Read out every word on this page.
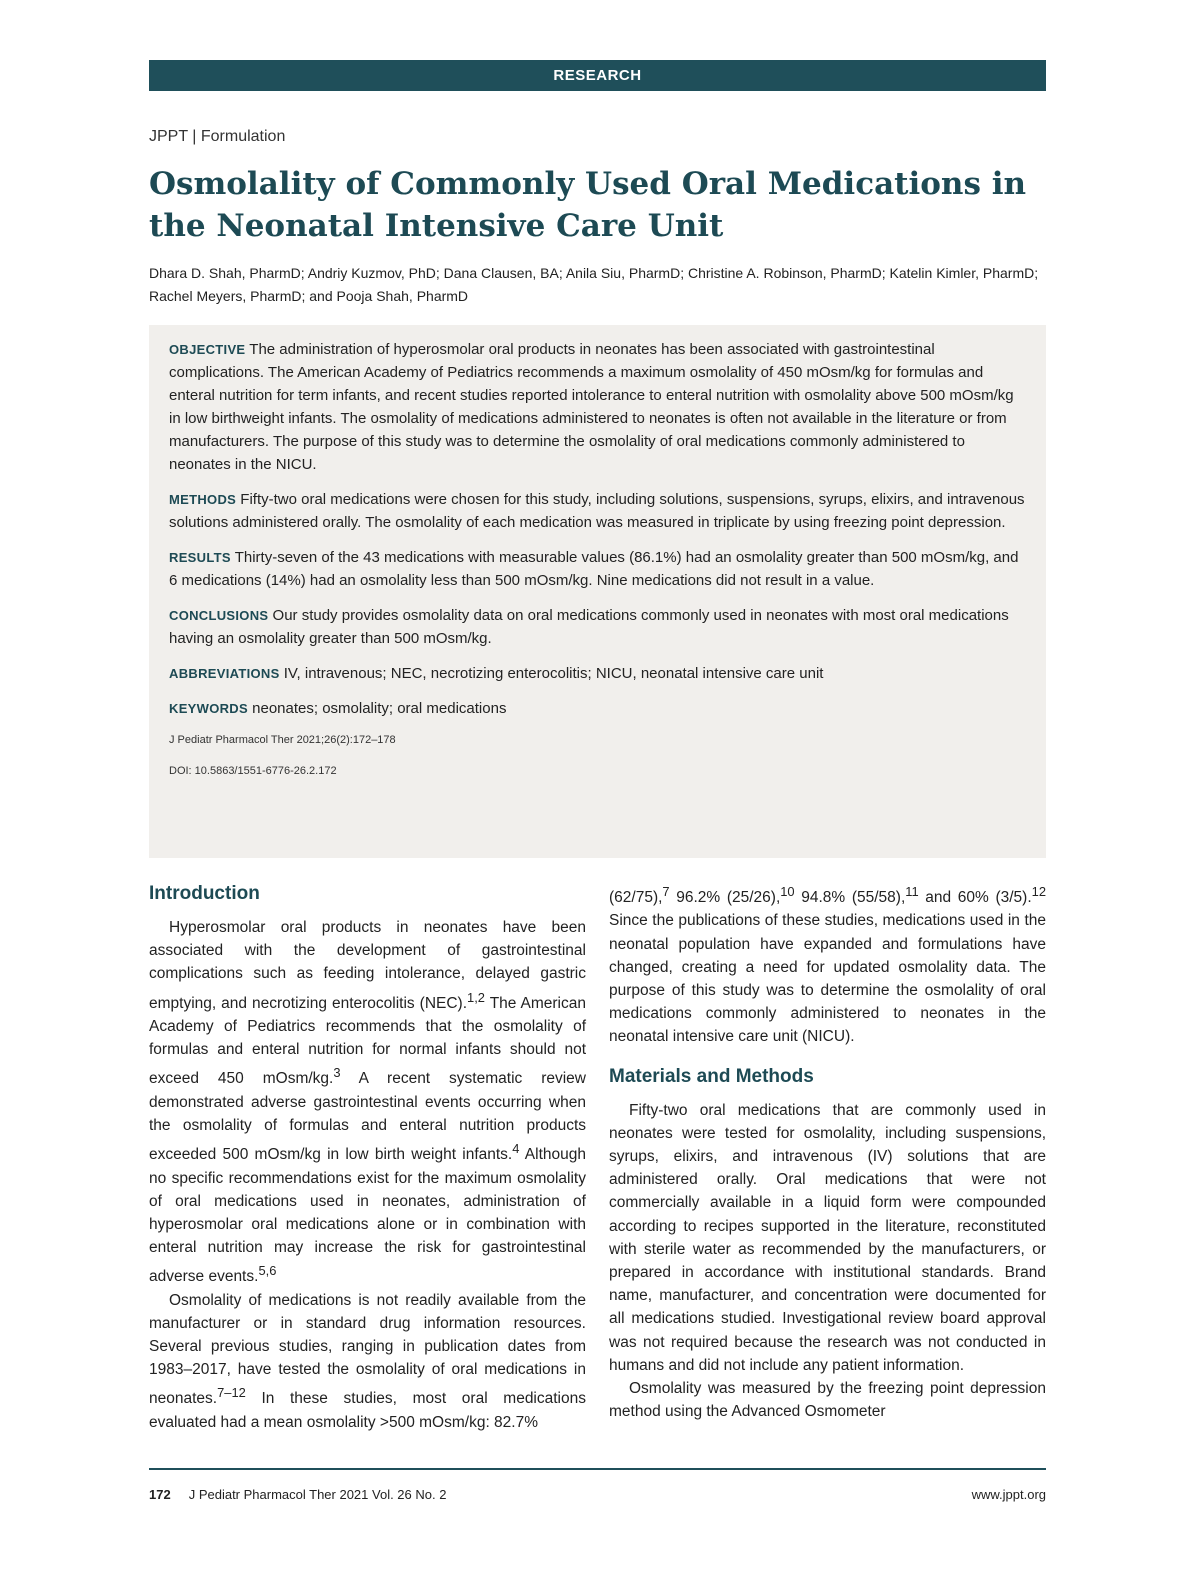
RESEARCH
JPPT | Formulation
Osmolality of Commonly Used Oral Medications in the Neonatal Intensive Care Unit
Dhara D. Shah, PharmD; Andriy Kuzmov, PhD; Dana Clausen, BA; Anila Siu, PharmD; Christine A. Robinson, PharmD; Katelin Kimler, PharmD; Rachel Meyers, PharmD; and Pooja Shah, PharmD

OBJECTIVE The administration of hyperosmolar oral products in neonates has been associated with gastrointestinal complications. The American Academy of Pediatrics recommends a maximum osmolality of 450 mOsm/kg for formulas and enteral nutrition for term infants, and recent studies reported intolerance to enteral nutrition with osmolality above 500 mOsm/kg in low birthweight infants. The osmolality of medications administered to neonates is often not available in the literature or from manufacturers. The purpose of this study was to determine the osmolality of oral medications commonly administered to neonates in the NICU.

METHODS Fifty-two oral medications were chosen for this study, including solutions, suspensions, syrups, elixirs, and intravenous solutions administered orally. The osmolality of each medication was measured in triplicate by using freezing point depression.

RESULTS Thirty-seven of the 43 medications with measurable values (86.1%) had an osmolality greater than 500 mOsm/kg, and 6 medications (14%) had an osmolality less than 500 mOsm/kg. Nine medications did not result in a value.

CONCLUSIONS Our study provides osmolality data on oral medications commonly used in neonates with most oral medications having an osmolality greater than 500 mOsm/kg.

ABBREVIATIONS IV, intravenous; NEC, necrotizing enterocolitis; NICU, neonatal intensive care unit

KEYWORDS neonates; osmolality; oral medications

J Pediatr Pharmacol Ther 2021;26(2):172–178

DOI: 10.5863/1551-6776-26.2.172

Introduction

Hyperosmolar oral products in neonates have been associated with the development of gastrointestinal complications such as feeding intolerance, delayed gastric emptying, and necrotizing enterocolitis (NEC).$^{1,2}$ The American Academy of Pediatrics recommends that the osmolality of formulas and enteral nutrition for normal infants should not exceed 450 mOsm/kg.$^3$ A recent systematic review demonstrated adverse gastrointestinal events occurring when the osmolality of formulas and enteral nutrition products exceeded 500 mOsm/kg in low birth weight infants.$^4$ Although no specific recommendations exist for the maximum osmolality of oral medications used in neonates, administration of hyperosmolar oral medications alone or in combination with enteral nutrition may increase the risk for gastrointestinal adverse events.$^{5,6}$

Osmolality of medications is not readily available from the manufacturer or in standard drug information resources. Several previous studies, ranging in publication dates from 1983–2017, have tested the osmolality of oral medications in neonates.$^{7-12}$ In these studies, most oral medications evaluated had a mean osmolality >500 mOsm/kg: 82.7%

(62/75),$^7$ 96.2% (25/26),$^{10}$ 94.8% (55/58),$^{11}$ and 60% (3/5).$^{12}$ Since the publications of these studies, medications used in the neonatal population have expanded and formulations have changed, creating a need for updated osmolality data. The purpose of this study was to determine the osmolality of oral medications commonly administered to neonates in the neonatal intensive care unit (NICU).

Materials and Methods

Fifty-two oral medications that are commonly used in neonates were tested for osmolality, including suspensions, syrups, elixirs, and intravenous (IV) solutions that are administered orally. Oral medications that were not commercially available in a liquid form were compounded according to recipes supported in the literature, reconstituted with sterile water as recommended by the manufacturers, or prepared in accordance with institutional standards. Brand name, manufacturer, and concentration were documented for all medications studied. Investigational review board approval was not required because the research was not conducted in humans and did not include any patient information.

Osmolality was measured by the freezing point depression method using the Advanced Osmometer

172 J Pediatr Pharmacol Ther 2021 Vol. 26 No. 2	www.jppt.org
